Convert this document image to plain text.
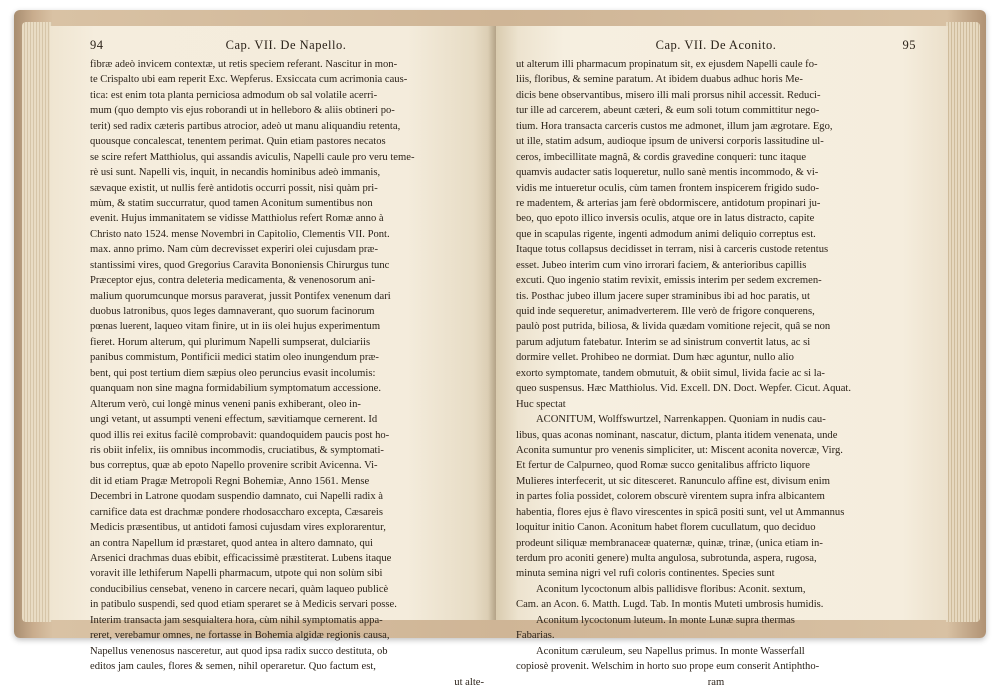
94	Cap. VII. De Napello.
fibræ adeò invicem contextæ, ut retis speciem referant. Nascitur in mon-
te Crispalto ubi eam reperit Exc. Wepferus. Exsiccata cum acrimonia caus-
tica: est enim tota planta perniciosa admodum ob sal volatile acerri-
mum (quo dempto vis ejus roborandi ut in helleboro & aliis obtineri po-
terit) sed radix cæteris partibus atrocior, adeò ut manu aliquandiu retenta,
quousque concalescat, tenentem perimat. Quin etiam pastores necatos
se scire refert Matthiolus, qui assandis aviculis, Napelli caule pro veru teme-
rè usi sunt. Napelli vis, inquit, in necandis hominibus adeò immanis,
sævaque existit, ut nullis ferè antidotis occurri possit, nisi quàm pri-
mùm, & statim succurratur, quod tamen Aconitum sumentibus non
evenit. Hujus immanitatem se vidisse Matthiolus refert Romæ anno à
Christo nato 1524. mense Novembri in Capitolio, Clementis VII. Pont.
max. anno primo. Nam cùm decrevisset experiri olei cujusdam præ-
stantissimi vires, quod Gregorius Caravita Bononiensis Chirurgus tunc
Præceptor ejus, contra deleteria medicamenta, & venenosorum ani-
malium quorumcunque morsus paraverat, jussit Pontifex venenum dari
duobus latronibus, quos leges damnaverant, quo suorum facinorum
pœnas luerent, laqueo vitam finire, ut in iis olei hujus experimentum
fieret. Horum alterum, qui plurimum Napelli sumpserat, dulciariis
panibus commistum, Pontificii medici statim oleo inungendum præ-
bent, qui post tertium diem sæpius oleo peruncius evasit incolumis:
quanquam non sine magna formidabilium symptomatum accessione.
Alterum verò, cui longè minus veneni panis exhiberant, oleo in-
ungi vetant, ut assumpti veneni effectum, sævitiamque cernerent. Id
quod illis rei exitus facilè comprobavit: quandoquidem paucis post ho-
ris obiit infelix, iis omnibus incommodis, cruciatibus, & symptomati-
bus correptus, quæ ab epoto Napello provenire scribit Avicenna. Vi-
dit id etiam Pragæ Metropoli Regni Bohemiæ, Anno 1561. Mense
Decembri in Latrone quodam suspendio damnato, cui Napelli radix à
carnifice data est drachmæ pondere rhodosaccharo excepta, Cæsareis
Medicis præsentibus, ut antidoti famosi cujusdam vires explorarentur,
an contra Napellum id præstaret, quod antea in altero damnato, qui
Arsenici drachmas duas ebibit, efficacissimè præstiterat. Lubens itaque
voravit ille lethiferum Napelli pharmacum, utpote qui non solùm sibi
conducibilius censebat, veneno in carcere necari, quàm laqueo publicè
in patibulo suspendi, sed quod etiam speraret se à Medicis servari posse.
Interim transacta jam sesquialtera hora, cùm nihil symptomatis appa-
reret, verebamur omnes, ne fortasse in Bohemia algidæ regionis causa,
Napellus venenosus nasceretur, aut quod ipsa radix succo destituta, ob
editos jam caules, flores & semen, nihil operaretur. Quo factum est,
ut alte-
Cap. VII. De Aconito.	95
ut alterum illi pharmacum propinatum sit, ex ejusdem Napelli caule fo-
liis, floribus, & semine paratum. At ibidem duabus adhuc horis Me-
dicis bene observantibus, misero illi mali prorsus nihil accessit. Reduci-
tur ille ad carcerem, abeunt cæteri, & eum soli totum committitur nego-
tium. Hora transacta carceris custos me admonet, illum jam ægrotare. Ego,
ut ille, statim adsum, audioque ipsum de universi corporis lassitudine ul-
ceros, imbecillitate magnâ, & cordis gravedine conqueri: tunc itaque
quamvis audacter satis loqueretur, nullo sanè mentis incommodo, & vi-
vidis me intueretur oculis, cùm tamen frontem inspicerem frigido sudo-
re madentem, & arterias jam ferè obdormiscere, antidotum propinari ju-
beo, quo epoto illico inversis oculis, atque ore in latus distracto, capite
que in scapulas rigente, ingenti admodum animi deliquio correptus est.
Itaque totus collapsus decidisset in terram, nisi à carceris custode retentus
esset. Jubeo interim cum vino irrorari faciem, & anterioribus capillis
excuti. Quo ingenio statim revixit, emissis interim per sedem excremen-
tis. Posthac jubeo illum jacere super straminibus ibi ad hoc paratis, ut
quid inde sequeretur, animadverterem. Ille verò de frigore conquerens,
paulò post putrida, biliosa, & livida quædam vomitione rejecit, quâ se non
parum adjutum fatebatur. Interim se ad sinistrum convertit latus, ac si
dormire vellet. Prohibeo ne dormiat. Dum hæc aguntur, nullo alio
exorto symptomate, tandem obmutuit, & obiit simul, livida facie ac si la-
queo suspensus. Hæc Matthiolus. Vid. Excell. DN. Doct. Wepfer. Cicut. Aquat.
Huc spectat
ACONITUM, Wolffswurtzel, Narrenkappen. Quoniam in nudis cau-
libus, quas aconas nominant, nascatur, dictum, planta itidem venenata, unde
Aconita sumuntur pro venenis simpliciter, ut: Miscent aconita novercæ, Virg.
Et fertur de Calpurneo, quod Romæ succo genitalibus affricto liquore
Mulieres interfecerit, ut sic ditesceret. Ranunculo affine est, divisum enim
in partes folia possidet, colorem obscurè virentem supra infra albicantem
habentia, flores ejus è flavo virescentes in spicâ positi sunt, vel ut Ammannus
loquitur initio Canon. Aconitum habet florem cucullatum, quo deciduo
prodeunt siliquæ membranaceæ quaternæ, quinæ, trinæ, (unica etiam in-
terdum pro aconiti genere) multa angulosa, subrotunda, aspera, rugosa,
minuta semina nigri vel rufi coloris continentes. Species sunt
Aconitum lycoctonum albis pallidisve floribus: Aconit. sextum,
Cam. an Acon. 6. Matth. Lugd. Tab. In montis Muteti umbrosis humidis.
Aconitum lycoctonum luteum. In monte Lunæ supra thermas
Fabarias.
Aconitum cæruleum, seu Napellus primus. In monte Wasserfall
copiosè provenit. Welschim in horto suo prope eum conserit Antiphtho-
ram
